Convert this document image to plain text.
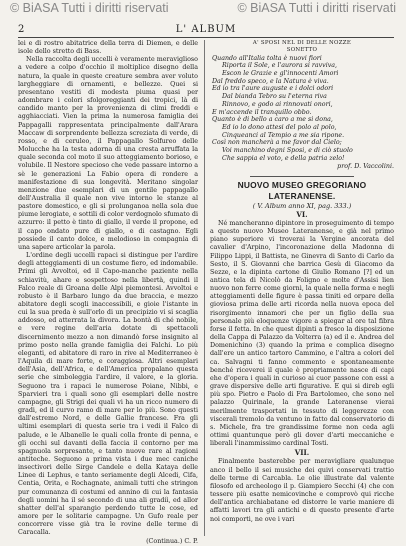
© BiASA Tutti i diritti riservati	© BiASA Tutti i diritti riservati
2	L' ALBUM

lei e di rostro abitatrice della terra di Diemen, e delle isole dello stretto di Bass.

Nella raccolta degli uccelli è veramente meraviglioso a vedere a colpo d'occhio il moltiplice disegno della natura, la quale in queste creature sembra aver voluto largheggiare di ornamenti, e bellezze. Quei si presentano vestiti di modesta piuma quasi per adombrare i colori sfolgoreggianti dei tropici, là di candido manto per la provenienza di climi freddi e agghiacciati. Vien la prima la numerosa famiglia dei Pappagalli rappresentata principalmente dall'Arara Maccaw di sorprendente bellezza screziata di verde, di rosso, e di ceruleo, il Pappagallo Solfureo delle Molucche ha la testa adorna di una cresta arruffata la quale seconda col moto il suo atteggiamento borioso, e volubile. Il Nestore specioso che vede passare intorno a sè le generazioni La Fabio opera di rondere a manifestazione di sua longevità. Meritano singolar menzione due esemplari di un gentile pappagallo dell'Australia il quale non vive intorno le stanze al pastore domestico, e gli si prolunganoa nella sola due piume lerogiate, e sottili di color verdognolo sfumato di azzurro: il petto è tinto di giallo, il verde il propone, ed il capo ondato pure di giallo, e di castagno. Egli possiede il canto dolce, e melodioso in compagnia di una sapere articolar la parola.

L'ordine degli uccelli rapaci si distingue per l'ardire degli atteggiamenti di un costume fiero, ed indomabile. Primi gli Avvoltoi, ed il Capo-manche paziente nella schiavitù, ahare e sospettoso nella libertà, quindi il Falco reale di Groana delle Alpi piemontesi. Avvoltoi e robusto è il Barbaro lungo da due braccia, e mezzo abitatore degli scogli inaccessibili, e gioie l'istante in cui la sua preda è sull'orlo di un precipizio vi si scaglia addosso, ed atterrata la divora. La bontà di ché nobile, e vere regine dell'aria dotate di spettacoli discernimento mezzo a non dimandò forse insignito al primo posto nella grande famiglia dei Falchi. Lo più eleganti, ed abitatore di raro in rive al Mediterraneo è l'Aquila di mare forte, e coraggiosa. Altri esemplari dell'Asia, dell'Africa, e dell'America propalano questa serie che simboleggia l'ardire, il valore, e la gloria. Seguono tra i rapaci le numerose Poiane, Nibbi, e Sparvieri tra i quali sono gli esemplari delle nostre campagne, gli Strigi dei quali vi ha un ricco numero di gradi, ed il curvo ramo di mare per lo più. Sono questi dall'estremo Nord, e delle Gallie francese. Fra gli ultimi esemplari di questa serie tra i vedi il Falco di palude, e le Albanelle le quali colla fronte di penna, e gli occhi sul davanti della faccia il contorno per ma spagnuola sorpresante, e tanto nuove rare al ragioni antiteche. Seguono a prima vista i due mec caniche insectivori delle Sirge Candele e della Kataya delle Linee di Lephus, e tanto seriamente degli Alcedi, Cifa, Centia, Orita, e Rochagnate, animali tutti che stringon pur comunanza di costumi ed annino di cui la fantasia degli uomini ha il sé secondo di una ali gradiì, ed allor shatter dell'al sparangio perdendo tutte le cose, ed amore per le solitarie campagne. Un Gufo reale per concorrere visse già tra le rovine delle terme di Caracalla.

(Continua.) C. P.

A' SPOSI NEL DI DELLE NOZZE
SONETTO
Quando all'Italia tolta è nuovi fiori
Riporta il Sole, e l'aurora si ravviva,
Escon le Grazie e gl'innocenti Amori
Dal freddo speco, e la Natura è viva.
Ed io tra l'aure auguste e i dolci odori
Dal bianda Tebro su l'eterna riva
Rinnovo, e godo ai rinnovati onori,
E m'accende il tranquillo obbo.
Quanto è di bello a caro a me si dona,
Ed io lo dono attesi del polo al polo,
Cinqueanci al Tempio a me sia ripone.
Così non mancherà a me favor dal Cielo;
Voi manchino degni Sposi, e di ciò stuolo
Che sappia el voto, e della patria zelo!
prof. D. Vaccolini.
NUOVO MUSEO GREGORIANO LATERANENSE.
( V. Album anno XI, pag. 333.)
VI.

Né mancheranno dipintore in proseguimento di tempo a questo nuovo Museo Lateranense, e già nel primo piano superiore vi troverai la Vergine ancorata del cavalier d'Arpino, l'incoronazione della Madonna di Filippo Lippi, il Battista, ne Ginevra di Santo di Carlo da Sesto, il S. Giovanni che barrica Gesù di Giacomo da Sezze, e la dipinta cartone di Giulio Romano [?] ed un antica tela di Nicolò da Foligno e molte d'Assisi lien nuovo non ferre come giorni, la quale nella forma e negli atteggiamenti delle figure è passa tiniti ed orpare della gioviosa prima delle arti ricorda nella nuova epoca del risorgimento innamori che per un figlio della sua personale più eloquenze vigore a spiegar al ore tal fibra forse il fetta. In che quest dipinti a fresco la disposizione della Cappa di Palazzo da Volterra (a) ed il e. Andrea del Domenichino (3) quando la prima e complica disegno dall'ere un antico tartoro Cammino, e l'altra a colori del ca. Salvagni ti fanno commento e spontaneamente benché riceverei il quale è propriamente nasce di capi ehe d'opera i quali in curioso ai cuor passone con essi a grave dispersive delle arti figurative. E qui si direb egli più spo. Pietro e Paolo di Fra Bartolomeo, che sono nel palazzo Quirinale, la grande Lateranense vierai merilmente trasportati in tessuto di leggerezze con viscerali tremolo da ventuno in fatto dal conservatorio di s. Michele, fra tre grandissime forme non ceda agli ottimi quantunque però gli dover d'arti meccaniche e liberali l'inammissimo cardinal Tosti.

VII.

Finalmente basterebbe per meravigliare qualunque anco il bello il sei musiche dei quivi conservati trattio delle terme di Carcabla. Le olie illustrate dal valente filosofo ed archeologo il p. Giampiero Secchi (4) che con tessere più esatte nemicovinche e comprovò qui ricche dell'antica archiabatane ed distorre le varie maniere di affatti lavori tra gli antichi e di questo presente d'arte noi comporti, ne ove i vari
